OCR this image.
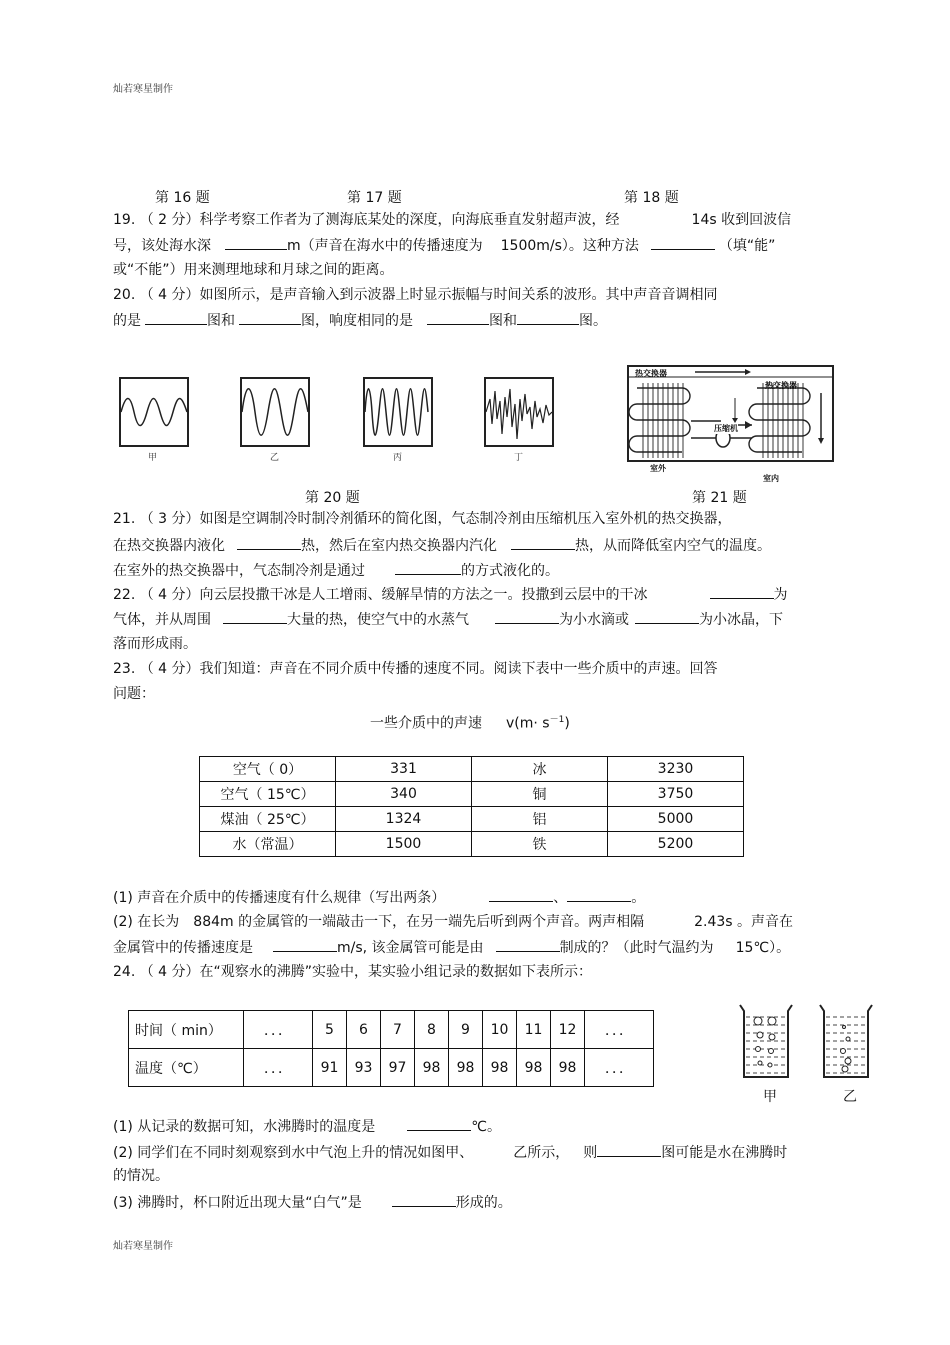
灿若寒星制作
灿若寒星制作
第 16 题	第 17 题	第 18 题
19. （ 2 分）科学考察工作者为了测海底某处的深度，向海底垂直发射超声波，经	14s 收到回波信
号，该处海水深	m（声音在海水中的传播速度为 1500m/s）。这种方法	（填“能”
或“不能”）用来测理地球和月球之间的距离。
20. （ 4 分）如图所示，是声音输入到示波器上时显示振幅与时间关系的波形。其中声音音调相同
的是	图和	图，响度相同的是	图和	图。
甲	乙	丙	丁
热交换器
热交换器
压缩机
室外
室内
第 20 题	第 21 题
21. （ 3 分）如图是空调制冷时制冷剂循环的简化图，气态制冷剂由压缩机压入室外机的热交换器，
在热交换器内液化	热，然后在室内热交换器内汽化	热，从而降低室内空气的温度。
在室外的热交换器中，气态制冷剂是通过	的方式液化的。
22. （ 4 分）向云层投撒干冰是人工增雨、缓解旱情的方法之一。投撒到云层中的干冰	为
气体，并从周围	大量的热，使空气中的水蒸气	为小水滴或	为小冰晶，下
落而形成雨。
23. （ 4 分）我们知道：声音在不同介质中传播的速度不同。阅读下表中一些介质中的声速。回答
问题：
一些介质中的声速 $v(m\cdot s^{-1})$
空气（ 0）	331	冰	3230
空气（ 15℃）	340	铜	3750
煤油（ 25℃）	1324	铝	5000
水（常温）	1500	铁	5200
(1) 声音在介质中的传播速度有什么规律（写出两条）	、	。
(2) 在长为 884m 的金属管的一端敲击一下，在另一端先后听到两个声音。两声相隔	2.43s 。声音在
金属管中的传播速度是	m/s, 该金属管可能是由	制成的？（此时气温约为 15℃）。
24. （ 4 分）在“观察水的沸腾”实验中，某实验小组记录的数据如下表所示：
时间（ min）	．．．	5	6	7	8	9	10	11	12	．．．
温度（℃）	．．．	91	93	97	98	98	98	98	98	．．．
甲	乙
(1) 从记录的数据可知，水沸腾时的温度是	℃。
(2) 同学们在不同时刻观察到水中气泡上升的情况如图甲、	乙所示， 则	图可能是水在沸腾时
的情况。
(3) 沸腾时，杯口附近出现大量“白气”是	形成的。
